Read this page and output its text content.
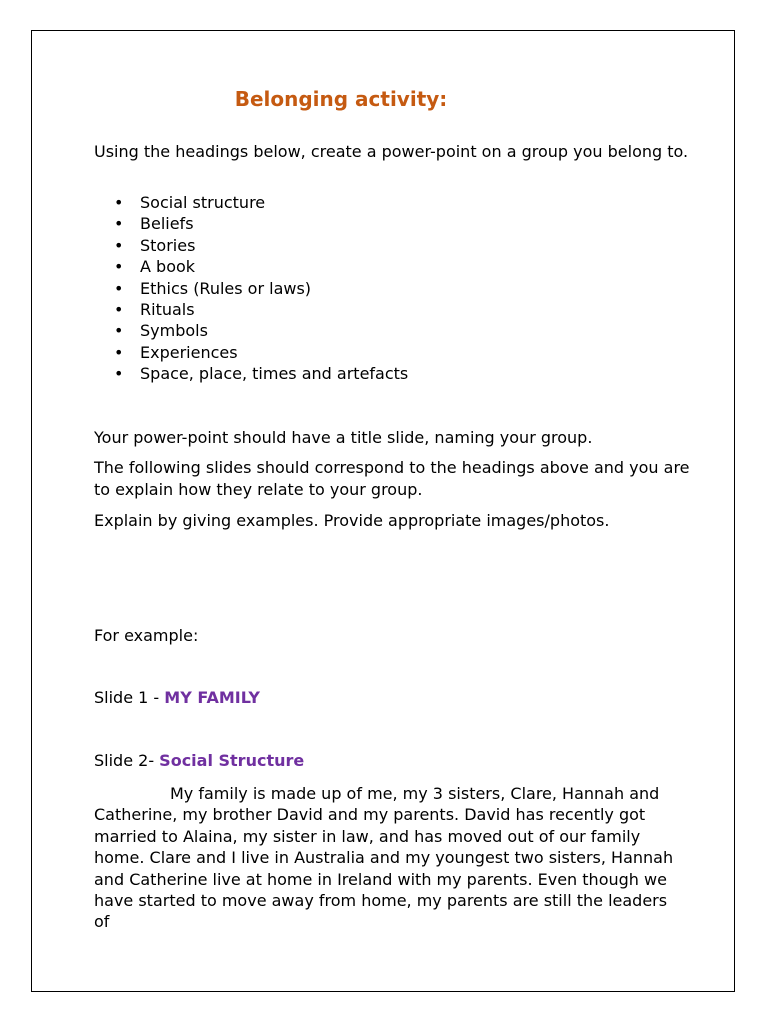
Belonging activity:

Using the headings below, create a power-point on a group you belong to.

• Social structure
• Beliefs
• Stories
• A book
• Ethics (Rules or laws)
• Rituals
• Symbols
• Experiences
• Space, place, times and artefacts

Your power-point should have a title slide, naming your group.

The following slides should correspond to the headings above and you are to explain how they relate to your group.

Explain by giving examples. Provide appropriate images/photos.

For example:

Slide 1 - MY FAMILY

Slide 2- Social Structure

My family is made up of me, my 3 sisters, Clare, Hannah and Catherine, my brother David and my parents. David has recently got married to Alaina, my sister in law, and has moved out of our family home. Clare and I live in Australia and my youngest two sisters, Hannah and Catherine live at home in Ireland with my parents. Even though we have started to move away from home, my parents are still the leaders of
